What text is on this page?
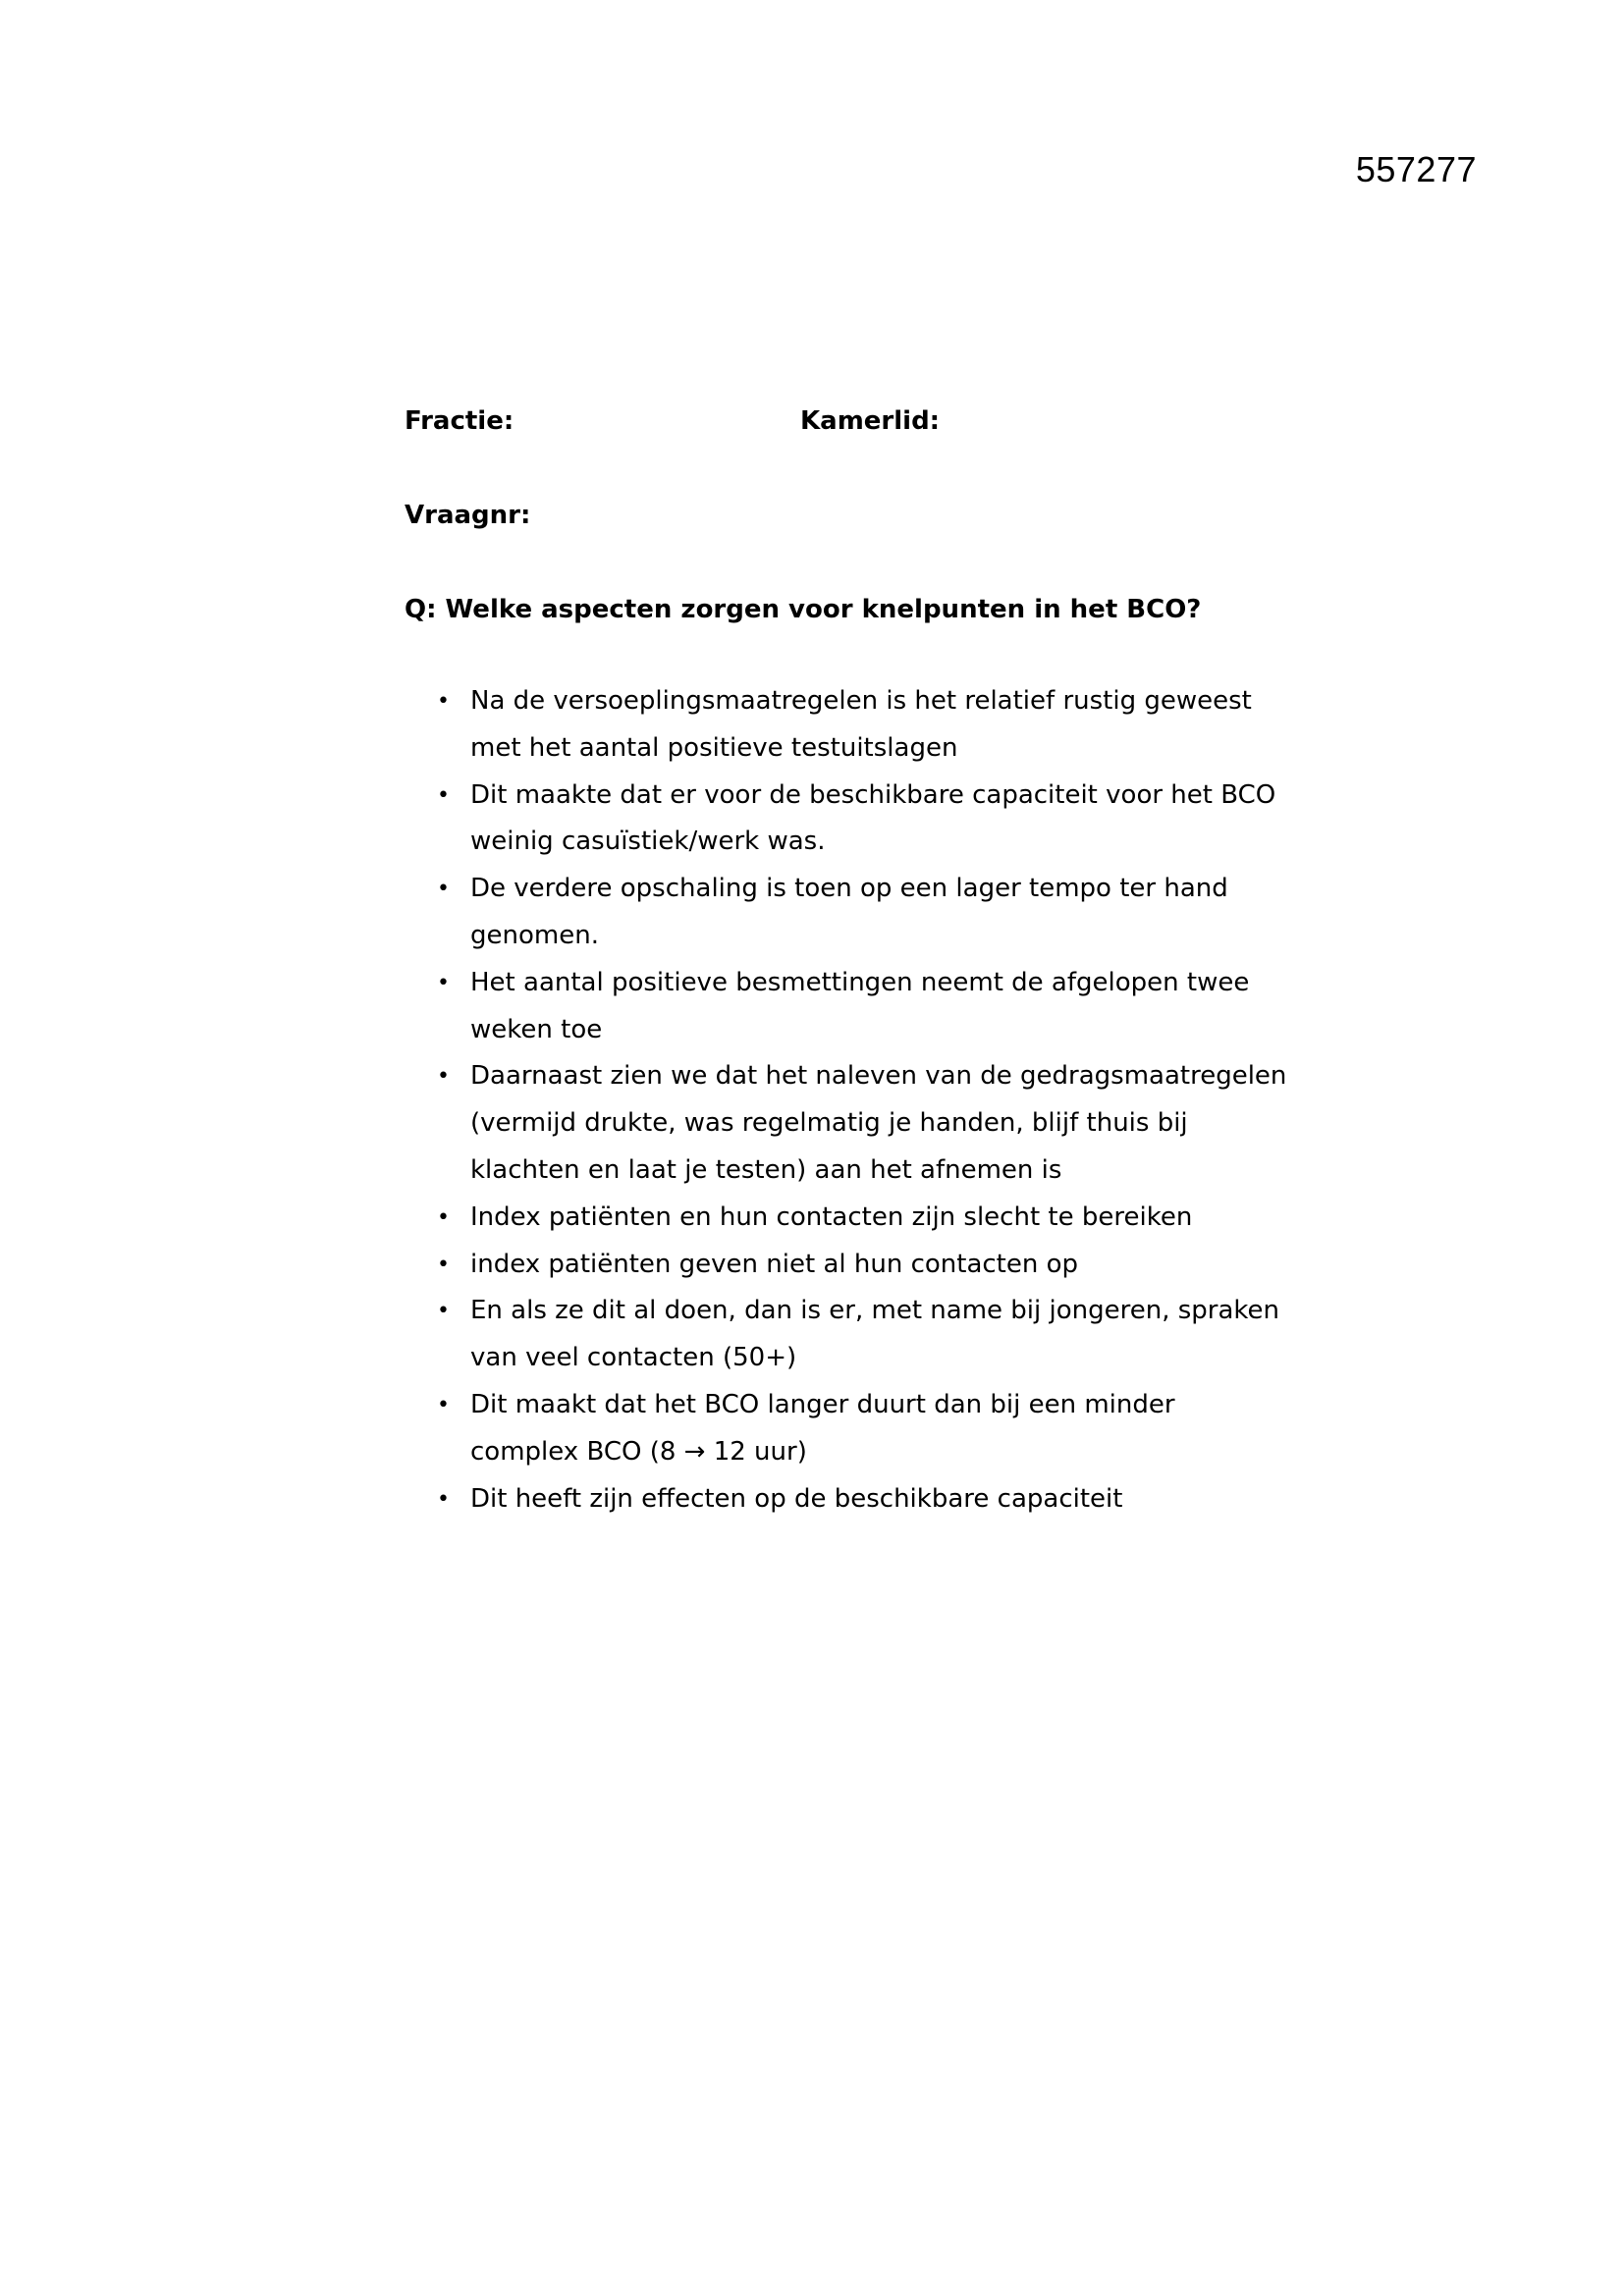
557277
Fractie:	Kamerlid:
Vraagnr:
Q: Welke aspecten zorgen voor knelpunten in het BCO?
• Na de versoeplingsmaatregelen is het relatief rustig geweest met het aantal positieve testuitslagen
• Dit maakte dat er voor de beschikbare capaciteit voor het BCO weinig casuïstiek/werk was.
• De verdere opschaling is toen op een lager tempo ter hand genomen.
• Het aantal positieve besmettingen neemt de afgelopen twee weken toe
• Daarnaast zien we dat het naleven van de gedragsmaatregelen (vermijd drukte, was regelmatig je handen, blijf thuis bij klachten en laat je testen) aan het afnemen is
• Index patiënten en hun contacten zijn slecht te bereiken
• index patiënten geven niet al hun contacten op
• En als ze dit al doen, dan is er, met name bij jongeren, spraken van veel contacten (50+)
• Dit maakt dat het BCO langer duurt dan bij een minder complex BCO (8 → 12 uur)
• Dit heeft zijn effecten op de beschikbare capaciteit
